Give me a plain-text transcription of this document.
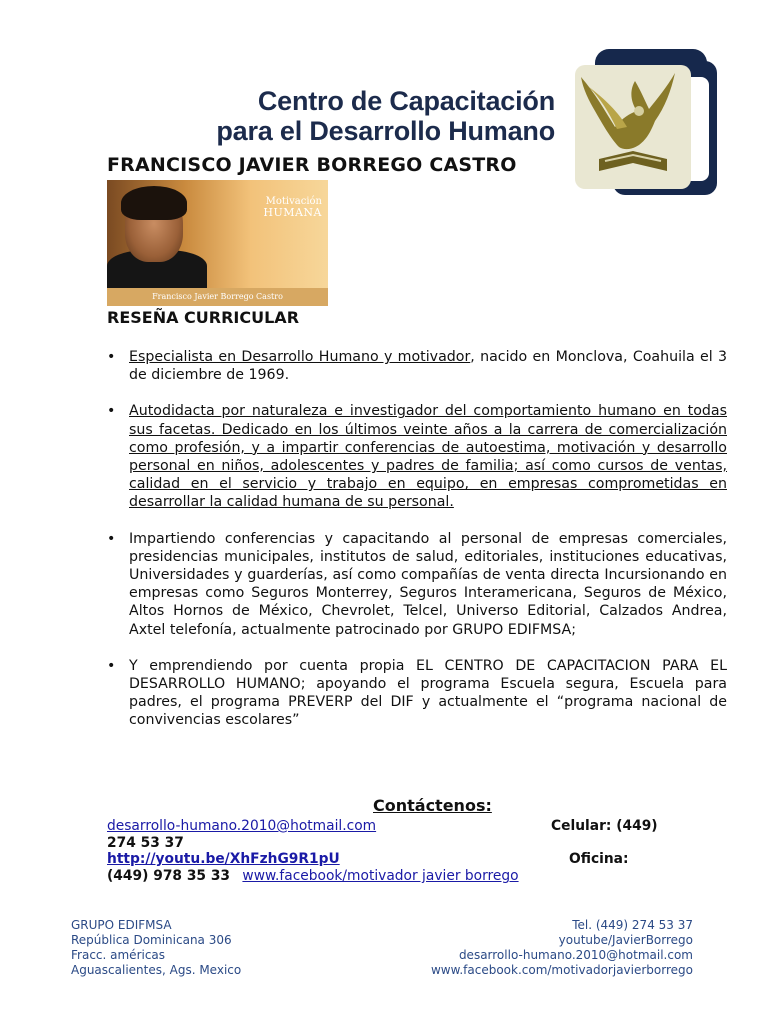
Centro de Capacitación
para el Desarrollo Humano
FRANCISCO JAVIER BORREGO CASTRO
Motivación
HUMANA
Francisco Javier Borrego Castro
RESEÑA CURRICULAR
• Especialista en Desarrollo Humano y motivador, nacido en Monclova, Coahuila el 3 de diciembre de 1969.
• Autodidacta por naturaleza e investigador del comportamiento humano en todas sus facetas. Dedicado en los últimos veinte años a la carrera de comercialización como profesión, y a impartir conferencias de autoestima, motivación y desarrollo personal en niños, adolescentes y padres de familia; así como cursos de ventas, calidad en el servicio y trabajo en equipo, en empresas comprometidas en desarrollar la calidad humana de su personal.
• Impartiendo conferencias y capacitando al personal de empresas comerciales, presidencias municipales, institutos de salud, editoriales, instituciones educativas, Universidades y guarderías, así como compañías de venta directa Incursionando en empresas como Seguros Monterrey, Seguros Interamericana, Seguros de México, Altos Hornos de México, Chevrolet, Telcel, Universo Editorial, Calzados Andrea, Axtel telefonía, actualmente patrocinado por GRUPO EDIFMSA;
• Y emprendiendo por cuenta propia EL CENTRO DE CAPACITACION PARA EL DESARROLLO HUMANO; apoyando el programa Escuela segura, Escuela para padres, el programa PREVERP del DIF y actualmente el “programa nacional de convivencias escolares”
Contáctenos:
desarrollo-humano.2010@hotmail.com	Celular: (449)
274 53 37
http://youtu.be/XhFzhG9R1pU	Oficina:
(449) 978 35 33 www.facebook/motivador javier borrego
GRUPO EDIFMSA
República Dominicana 306
Fracc. américas
Aguascalientes, Ags. Mexico
Tel. (449) 274 53 37
youtube/JavierBorrego
desarrollo-humano.2010@hotmail.com
www.facebook.com/motivadorjavierborrego
